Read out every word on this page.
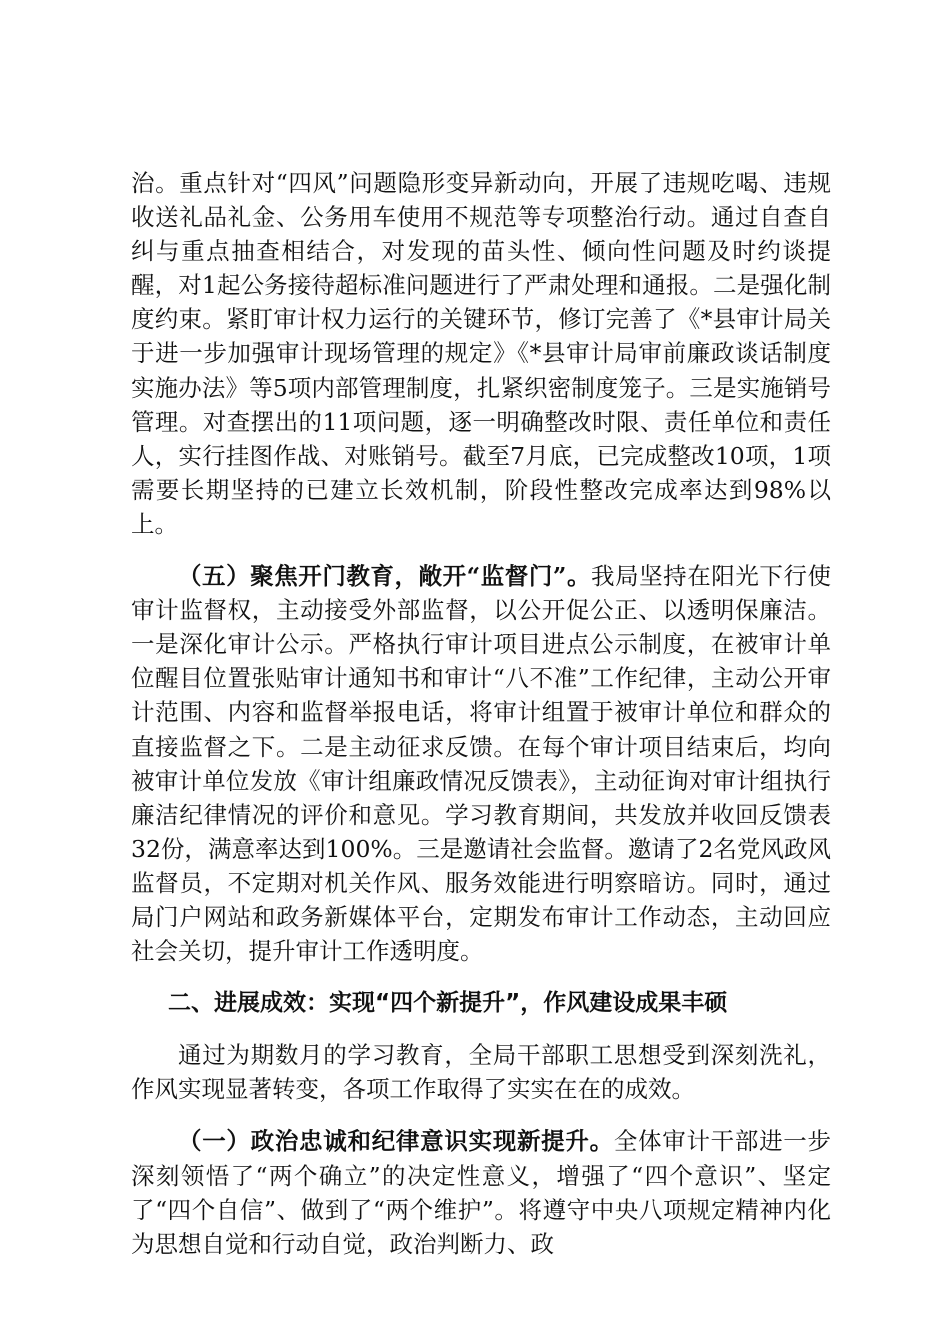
治。重点针对“四风”问题隐形变异新动向，开展了违规吃喝、违规收送礼品礼金、公务用车使用不规范等专项整治行动。通过自查自纠与重点抽查相结合，对发现的苗头性、倾向性问题及时约谈提醒，对1起公务接待超标准问题进行了严肃处理和通报。二是强化制度约束。紧盯审计权力运行的关键环节，修订完善了《*县审计局关于进一步加强审计现场管理的规定》《*县审计局审前廉政谈话制度实施办法》等5项内部管理制度，扎紧织密制度笼子。三是实施销号管理。对查摆出的11项问题，逐一明确整改时限、责任单位和责任人，实行挂图作战、对账销号。截至7月底，已完成整改10项，1项需要长期坚持的已建立长效机制，阶段性整改完成率达到98%以上。

（五）聚焦开门教育，敞开“监督门”。我局坚持在阳光下行使审计监督权，主动接受外部监督，以公开促公正、以透明保廉洁。一是深化审计公示。严格执行审计项目进点公示制度，在被审计单位醒目位置张贴审计通知书和审计“八不准”工作纪律，主动公开审计范围、内容和监督举报电话，将审计组置于被审计单位和群众的直接监督之下。二是主动征求反馈。在每个审计项目结束后，均向被审计单位发放《审计组廉政情况反馈表》，主动征询对审计组执行廉洁纪律情况的评价和意见。学习教育期间，共发放并收回反馈表32份，满意率达到100%。三是邀请社会监督。邀请了2名党风政风监督员，不定期对机关作风、服务效能进行明察暗访。同时，通过局门户网站和政务新媒体平台，定期发布审计工作动态，主动回应社会关切，提升审计工作透明度。

二、进展成效：实现“四个新提升”，作风建设成果丰硕

通过为期数月的学习教育，全局干部职工思想受到深刻洗礼，作风实现显著转变，各项工作取得了实实在在的成效。

（一）政治忠诚和纪律意识实现新提升。全体审计干部进一步深刻领悟了“两个确立”的决定性意义，增强了“四个意识”、坚定了“四个自信”、做到了“两个维护”。将遵守中央八项规定精神内化为思想自觉和行动自觉，政治判断力、政
